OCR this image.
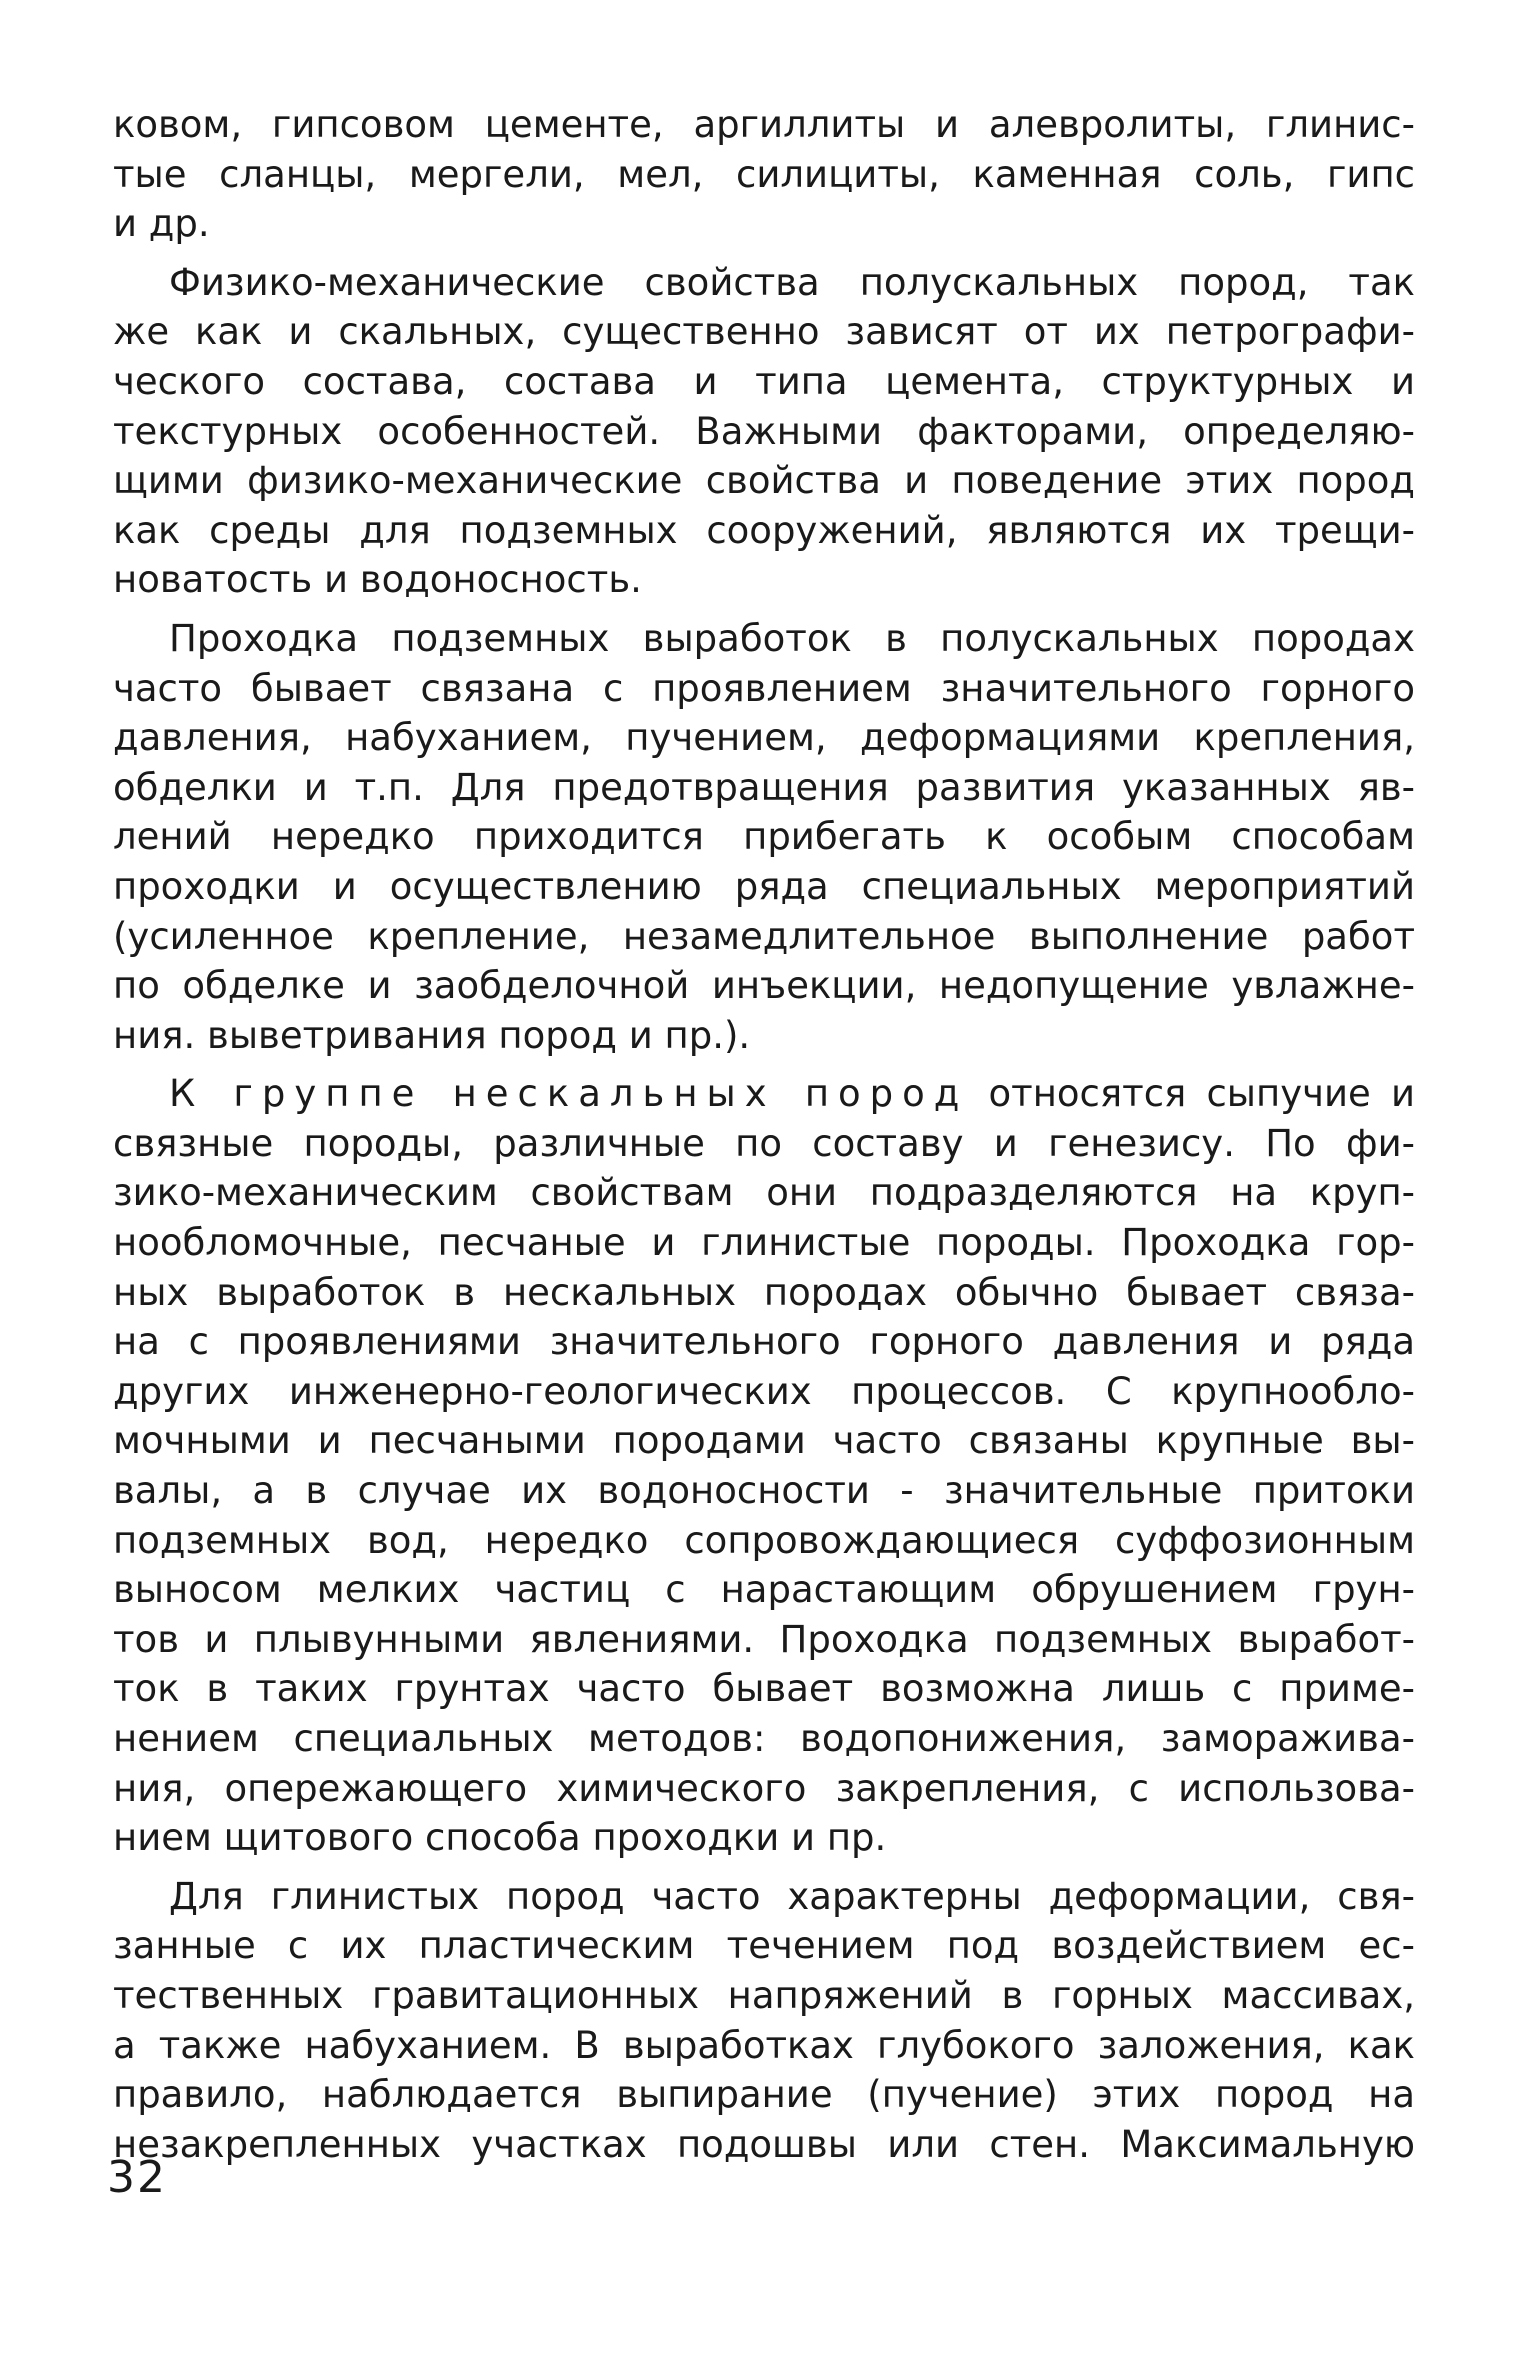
ковом, гипсовом цементе, аргиллиты и алевролиты, глинис-
тые сланцы, мергели, мел, силициты, каменная соль, гипс
и др.
Физико-механические свойства полускальных пород, так
же как и скальных, существенно зависят от их петрографи-
ческого состава, состава и типа цемента, структурных и
текстурных особенностей. Важными факторами, определяю-
щими физико-механические свойства и поведение этих пород
как среды для подземных сооружений, являются их трещи-
новатость и водоносность.
Проходка подземных выработок в полускальных породах
часто бывает связана с проявлением значительного горного
давления, набуханием, пучением, деформациями крепления,
обделки и т.п. Для предотвращения развития указанных яв-
лений нередко приходится прибегать к особым способам
проходки и осуществлению ряда специальных мероприятий
(усиленное крепление, незамедлительное выполнение работ
по обделке и заобделочной инъекции, недопущение увлажне-
ния. выветривания пород и пр.).
К группе нескальных пород относятся сыпучие и
связные породы, различные по составу и генезису. По фи-
зико-механическим свойствам они подразделяются на круп-
нообломочные, песчаные и глинистые породы. Проходка гор-
ных выработок в нескальных породах обычно бывает связа-
на с проявлениями значительного горного давления и ряда
других инженерно-геологических процессов. С крупнообло-
мочными и песчаными породами часто связаны крупные вы-
валы, а в случае их водоносности - значительные притоки
подземных вод, нередко сопровождающиеся суффозионным
выносом мелких частиц с нарастающим обрушением грун-
тов и плывунными явлениями. Проходка подземных выработ-
ток в таких грунтах часто бывает возможна лишь с приме-
нением специальных методов: водопонижения, заморажива-
ния, опережающего химического закрепления, с использова-
нием щитового способа проходки и пр.
Для глинистых пород часто характерны деформации, свя-
занные с их пластическим течением под воздействием ес-
тественных гравитационных напряжений в горных массивах,
а также набуханием. В выработках глубокого заложения, как
правило, наблюдается выпирание (пучение) этих пород на
незакрепленных участках подошвы или стен. Максимальную
32
